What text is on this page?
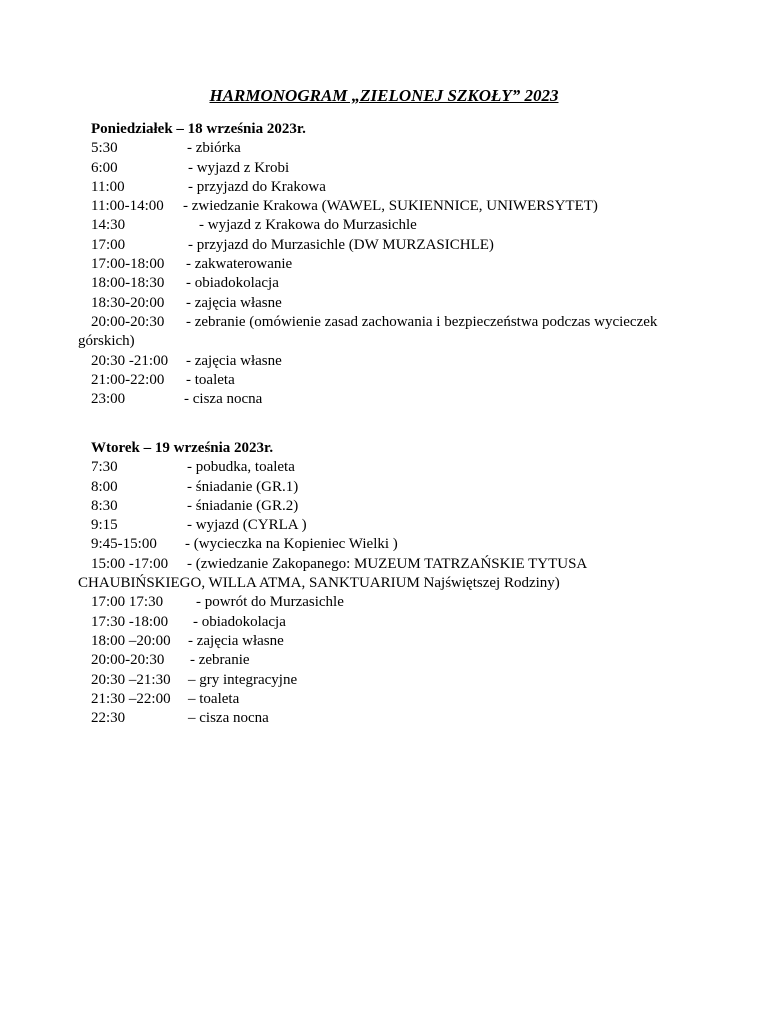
HARMONOGRAM „ZIELONEJ SZKOŁY” 2023
Poniedziałek – 18 września 2023r.
5:30	- zbiórka
6:00	- wyjazd z Krobi
11:00	- przyjazd do Krakowa
11:00-14:00 - zwiedzanie Krakowa (WAWEL, SUKIENNICE, UNIWERSYTET)
14:30	- wyjazd z Krakowa do Murzasichle
17:00	- przyjazd do Murzasichle (DW MURZASICHLE)
17:00-18:00 - zakwaterowanie
18:00-18:30 - obiadokolacja
18:30-20:00 - zajęcia własne
20:00-20:30 - zebranie (omówienie zasad zachowania i bezpieczeństwa podczas wycieczek
górskich)
20:30 -21:00 - zajęcia własne
21:00-22:00 - toaleta
23:00	- cisza nocna
Wtorek – 19 września 2023r.
7:30	- pobudka, toaleta
8:00	- śniadanie (GR.1)
8:30	- śniadanie (GR.2)
9:15	- wyjazd (CYRLA )
9:45-15:00 - (wycieczka na Kopieniec Wielki )
15:00 -17:00 - (zwiedzanie Zakopanego: MUZEUM TATRZAŃSKIE TYTUSA
CHAUBIŃSKIEGO, WILLA ATMA, SANKTUARIUM Najświętszej Rodziny)
17:00 17:30 - powrót do Murzasichle
17:30 -18:00 - obiadokolacja
18:00 –20:00 - zajęcia własne
20:00-20:30 - zebranie
20:30 –21:30 – gry integracyjne
21:30 –22:00 – toaleta
22:30	– cisza nocna
